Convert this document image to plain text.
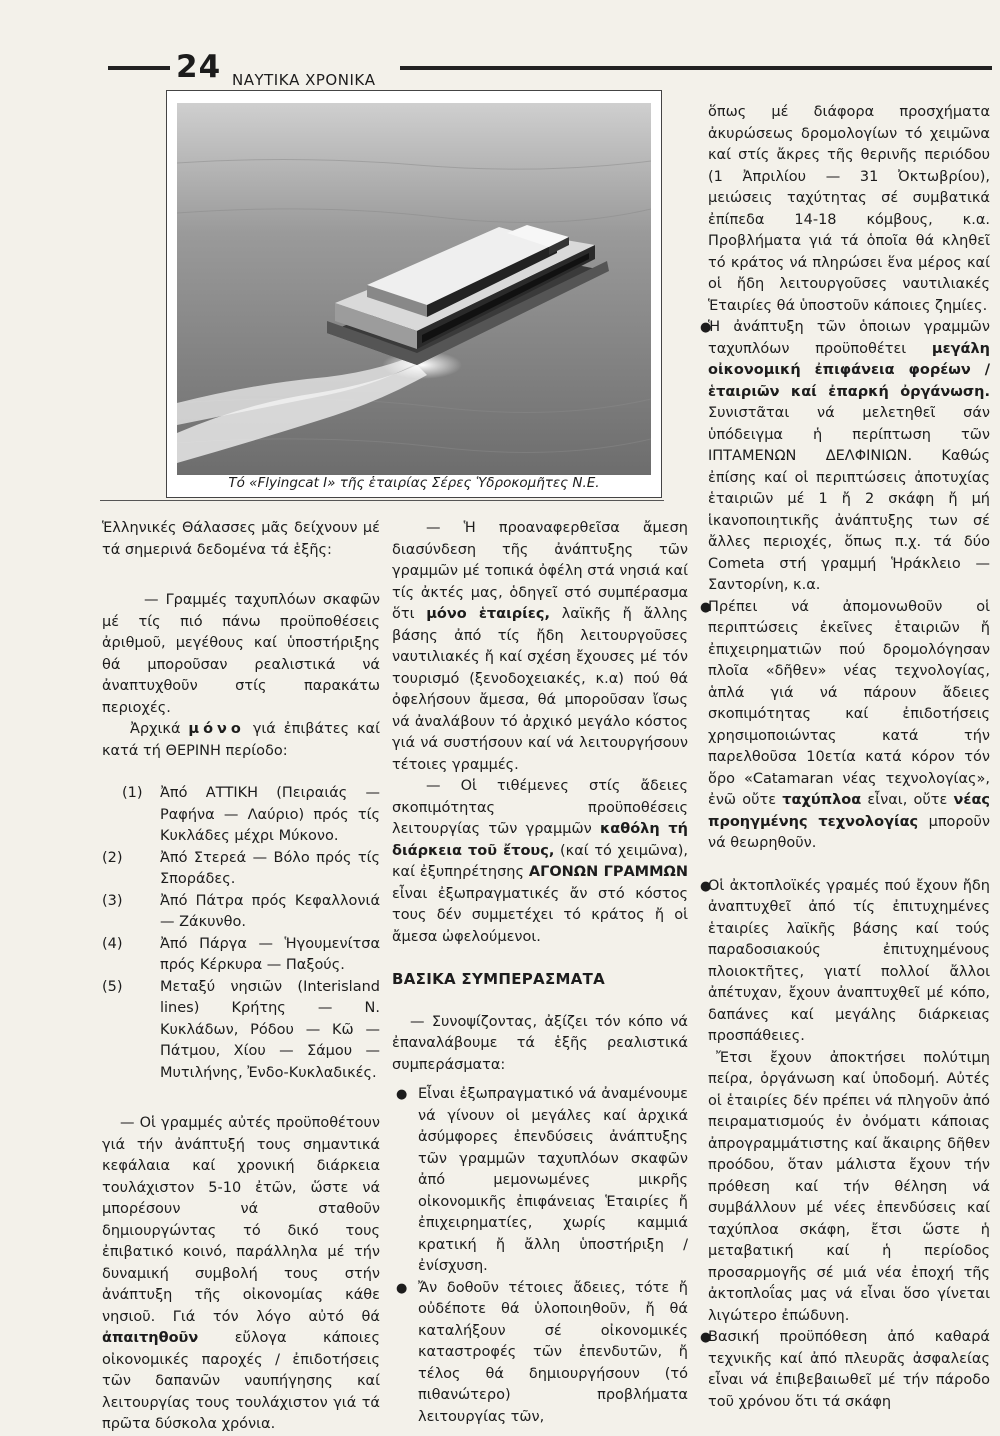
24 ΝΑΥΤΙΚΑ ΧΡΟΝΙΚΑ
Τό «Flyingcat I» τῆς ἑταιρίας Σέρες Ὑδροκομῆτες Ν.Ε.

Ἑλληνικές Θάλασσες μᾶς δείχνουν μέ τά σημερινά δεδομένα τά ἑξῆς:

— Γραμμές ταχυπλόων σκαφῶν μέ τίς πιό πάνω προϋποθέσεις ἀριθμοῦ, μεγέθους καί ὑποστήριξης θά μποροῦσαν ρεαλιστικά νά ἀναπτυχθοῦν στίς παρακάτω περιοχές.

Ἀρχικά μόνο γιά ἐπιβάτες καί κατά τή ΘΕΡΙΝΗ περίοδο:

(1) Ἀπό ΑΤΤΙΚΗ (Πειραιάς — Ραφήνα — Λαύριο) πρός τίς Κυκλάδες μέχρι Μύκονο.

(2)	Ἀπό Στερεά — Βόλο πρός τίς Σποράδες.

(3)	Ἀπό Πάτρα πρός Κεφαλλονιά — Ζάκυνθο.

(4)	Ἀπό Πάργα — Ἡγουμενίτσα πρός Κέρκυρα — Παξούς.

(5)	Μεταξύ νησιῶν (Interisland lines) Κρήτης — Ν. Κυκλάδων, Ρόδου — Κῶ — Πάτμου, Χίου — Σάμου — Μυτιλήνης, Ἐνδο-Κυκλαδικές.

— Οἱ γραμμές αὐτές προϋποθέτουν γιά τήν ἀνάπτυξή τους σημαντικά κεφάλαια καί χρονική διάρκεια τουλάχιστον 5-10 ἐτῶν, ὥστε νά μπορέσουν νά σταθοῦν δημιουργώντας τό δικό τους ἐπιβατικό κοινό, παράλληλα μέ τήν δυναμική συμβολή τους στήν ἀνάπτυξη τῆς οἰκονομίας κάθε νησιοῦ. Γιά τόν λόγο αὐτό θά ἀπαιτηθοῦν	εὔλογα κάποιες οἰκονομικές παροχές / ἐπιδοτήσεις τῶν δαπανῶν ναυπήγησης καί λειτουργίας τους τουλάχιστον γιά τά πρῶτα δύσκολα χρόνια.

— Ἡ προαναφερθεῖσα ἄμεση διασύνδεση τῆς ἀνάπτυξης τῶν γραμμῶν μέ τοπικά ὀφέλη στά νησιά καί τίς ἀκτές μας, ὁδηγεῖ στό συμπέρασμα ὅτι μόνο ἑταιρίες, λαϊκῆς ἤ ἄλλης βάσης ἀπό τίς ἤδη λειτουργοῦσες ναυτιλιακές ἤ καί σχέση ἔχουσες μέ τόν τουρισμό (ξενοδοχειακές, κ.α) πού θά ὀφελήσουν ἄμεσα, θά μποροῦσαν ἴσως νά ἀναλάβουν τό ἀρχικό μεγάλο κόστος γιά νά συστήσουν καί νά λειτουργήσουν τέτοιες γραμμές.

— Οἱ τιθέμενες στίς ἄδειες σκοπιμότητας προϋποθέσεις λειτουργίας τῶν γραμμῶν καθόλη τή διάρκεια τοῦ ἔτους, (καί τό χειμῶνα), καί ἐξυπηρέτησης ΑΓΟΝΩΝ ΓΡΑΜΜΩΝ εἶναι ἐξωπραγματικές ἄν στό κόστος τους δέν συμμετέχει τό κράτος ἤ οἱ ἄμεσα ὠφελούμενοι.

ΒΑΣΙΚΑ ΣΥΜΠΕΡΑΣΜΑΤΑ

— Συνοψίζοντας, ἀξίζει τόν κόπο νά ἐπαναλάβουμε τά ἑξῆς ρεαλιστικά συμπεράσματα:

● Εἶναι ἐξωπραγματικό νά ἀναμένουμε νά γίνουν οἱ μεγάλες καί ἀρχικά ἀσύμφορες ἐπενδύσεις ἀνάπτυξης τῶν γραμμῶν ταχυπλόων σκαφῶν ἀπό μεμονωμένες μικρῆς οἰκονομικῆς ἐπιφάνειας Ἑταιρίες ἤ ἐπιχειρηματίες, χωρίς καμμιά κρατική ἤ ἄλλη ὑποστήριξη / ἐνίσχυση.

● Ἄν δοθοῦν τέτοιες ἄδειες, τότε ἤ οὐδέποτε θά ὑλοποιηθοῦν, ἤ θά καταλήξουν σέ οἰκονομικές καταστροφές τῶν ἐπενδυτῶν, ἤ τέλος θά δημιουργήσουν (τό πιθανώτερο) προβλήματα λειτουργίας τῶν,

ὅπως μέ διάφορα προσχήματα ἀκυρώσεως δρομολογίων τό χειμῶνα καί στίς ἄκρες τῆς θερινῆς περιόδου (1 Ἀπριλίου — 31 Ὀκτωβρίου), μειώσεις ταχύτητας σέ συμβατικά ἐπίπεδα 14-18 κόμβους, κ.α. Προβλήματα γιά τά ὁποῖα θά κληθεῖ τό κράτος νά πληρώσει ἕνα μέρος καί οἱ ἤδη λειτουργοῦσες ναυτιλιακές Ἑταιρίες θά ὑποστοῦν κάποιες ζημίες.

●
Ἡ ἀνάπτυξη τῶν ὁποιων γραμμῶν ταχυπλόων προϋποθέτει μεγάλη οἰκονομική ἐπιφάνεια φορέων /ἑταιριῶν καί ἐπαρκή ὀργάνωση. Συνιστᾶται νά μελετηθεῖ σάν ὑπόδειγμα ἡ περίπτωση τῶν ΙΠΤΑΜΕΝΩΝ ΔΕΛΦΙΝΙΩΝ. Καθώς ἐπίσης καί οἱ περιπτώσεις ἀποτυχίας ἑταιριῶν μέ 1 ἤ 2 σκάφη ἤ μή ἱκανοποιητικῆς ἀνάπτυξης των σέ ἄλλες περιοχές, ὅπως π.χ. τά δύο Cometa στή γραμμή Ἡράκλειο — Σαντορίνη, κ.α.

●
Πρέπει νά ἀπομονωθοῦν οἱ περιπτώσεις ἐκεῖνες ἑταιριῶν ἤ ἐπιχειρηματιῶν πού δρομολόγησαν πλοῖα «δῆθεν» νέας τεχνολογίας, ἁπλά γιά νά πάρουν ἄδειες σκοπιμότητας καί ἐπιδοτήσεις χρησιμοποιώντας κατά τήν παρελθοῦσα 10ετία κατά κόρον τόν ὅρο «Catamaran νέας τεχνολογίας», ἐνῶ οὔτε ταχύπλοα εἶναι, οὔτε νέας προηγμένης τεχνολογίας μποροῦν νά θεωρηθοῦν.

●
Οἱ ἀκτοπλοϊκές γραμές πού ἔχουν ἤδη ἀναπτυχθεῖ ἀπό τίς ἐπιτυχημένες ἑταιρίες λαϊκῆς βάσης καί τούς παραδοσιακούς ἐπιτυχημένους πλοιοκτῆτες, γιατί πολλοί ἄλλοι ἀπέτυχαν, ἔχουν ἀναπτυχθεῖ μέ κόπο, δαπάνες καί μεγάλης διάρκειας προσπάθειες.

Ἔτσι ἔχουν ἀποκτήσει πολύτιμη πείρα, ὀργάνωση καί ὑποδομή. Αὐτές οἱ ἑταιρίες δέν πρέπει νά πληγοῦν ἀπό πειραματισμούς ἐν ὀνόματι κάποιας ἀπρογραμμάτιστης καί ἄκαιρης δῆθεν προόδου, ὅταν μάλιστα ἔχουν τήν πρόθεση καί τήν θέληση νά συμβάλλουν μέ νέες ἐπενδύσεις καί ταχύπλοα σκάφη, ἔτσι ὥστε ἡ μεταβατική καί ἡ περίοδος προσαρμογῆς σέ μιά νέα ἐποχή τῆς ἀκτοπλοΐας μας νά εἶναι ὅσο γίνεται λιγώτερο ἐπώδυνη.

●
Βασική προϋπόθεση ἀπό καθαρά τεχνικῆς καί ἀπό πλευρᾶς ἀσφαλείας εἶναι νά ἐπιβεβαιωθεῖ μέ τήν πάροδο τοῦ χρόνου ὅτι τά σκάφη
